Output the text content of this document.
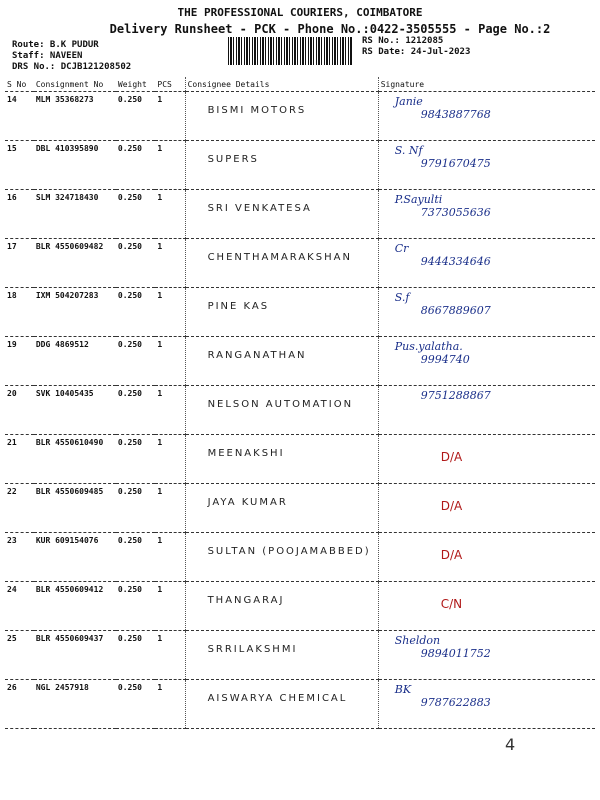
THE PROFESSIONAL COURIERS, COIMBATORE
Delivery Runsheet - PCK - Phone No.:0422-3505555 - Page No.:2
Route: B.K PUDUR
Staff: NAVEEN
DRS No.: DCJB121208502
RS No.: 1212085
RS Date: 24-Jul-2023
S No	Consignment No	Weight	PCS	Consignee Details	Signature
14	MLM 35368273	0.250	1	BISMI MOTORS	Janie
9843887768

15	DBL 410395890	0.250	1	SUPERS	S. Nf
9791670475

16	SLM 324718430	0.250	1	SRI VENKATESA	P.Sayulti
7373055636

17	BLR 4550609482	0.250	1	CHENTHAMARAKSHAN	Cr
9444334646

18	IXM 504207283	0.250	1	PINE KAS	S.f
8667889607

19	DDG 4869512	0.250	1	RANGANATHAN	Pus.yalatha.
9994740

20	SVK 10405435	0.250	1	NELSON AUTOMATION	9751288867

21	BLR 4550610490	0.250	1	MEENAKSHI	D/A
22	BLR 4550609485	0.250	1	JAYA KUMAR	D/A
23	KUR 609154076	0.250	1	SULTAN (POOJAMABBED)	D/A
24	BLR 4550609412	0.250	1	THANGARAJ	C/N
25	BLR 4550609437	0.250	1	SRRILAKSHMI	Sheldon
9894011752

26	NGL 2457918	0.250	1	AISWARYA CHEMICAL	BK
9787622883
4
